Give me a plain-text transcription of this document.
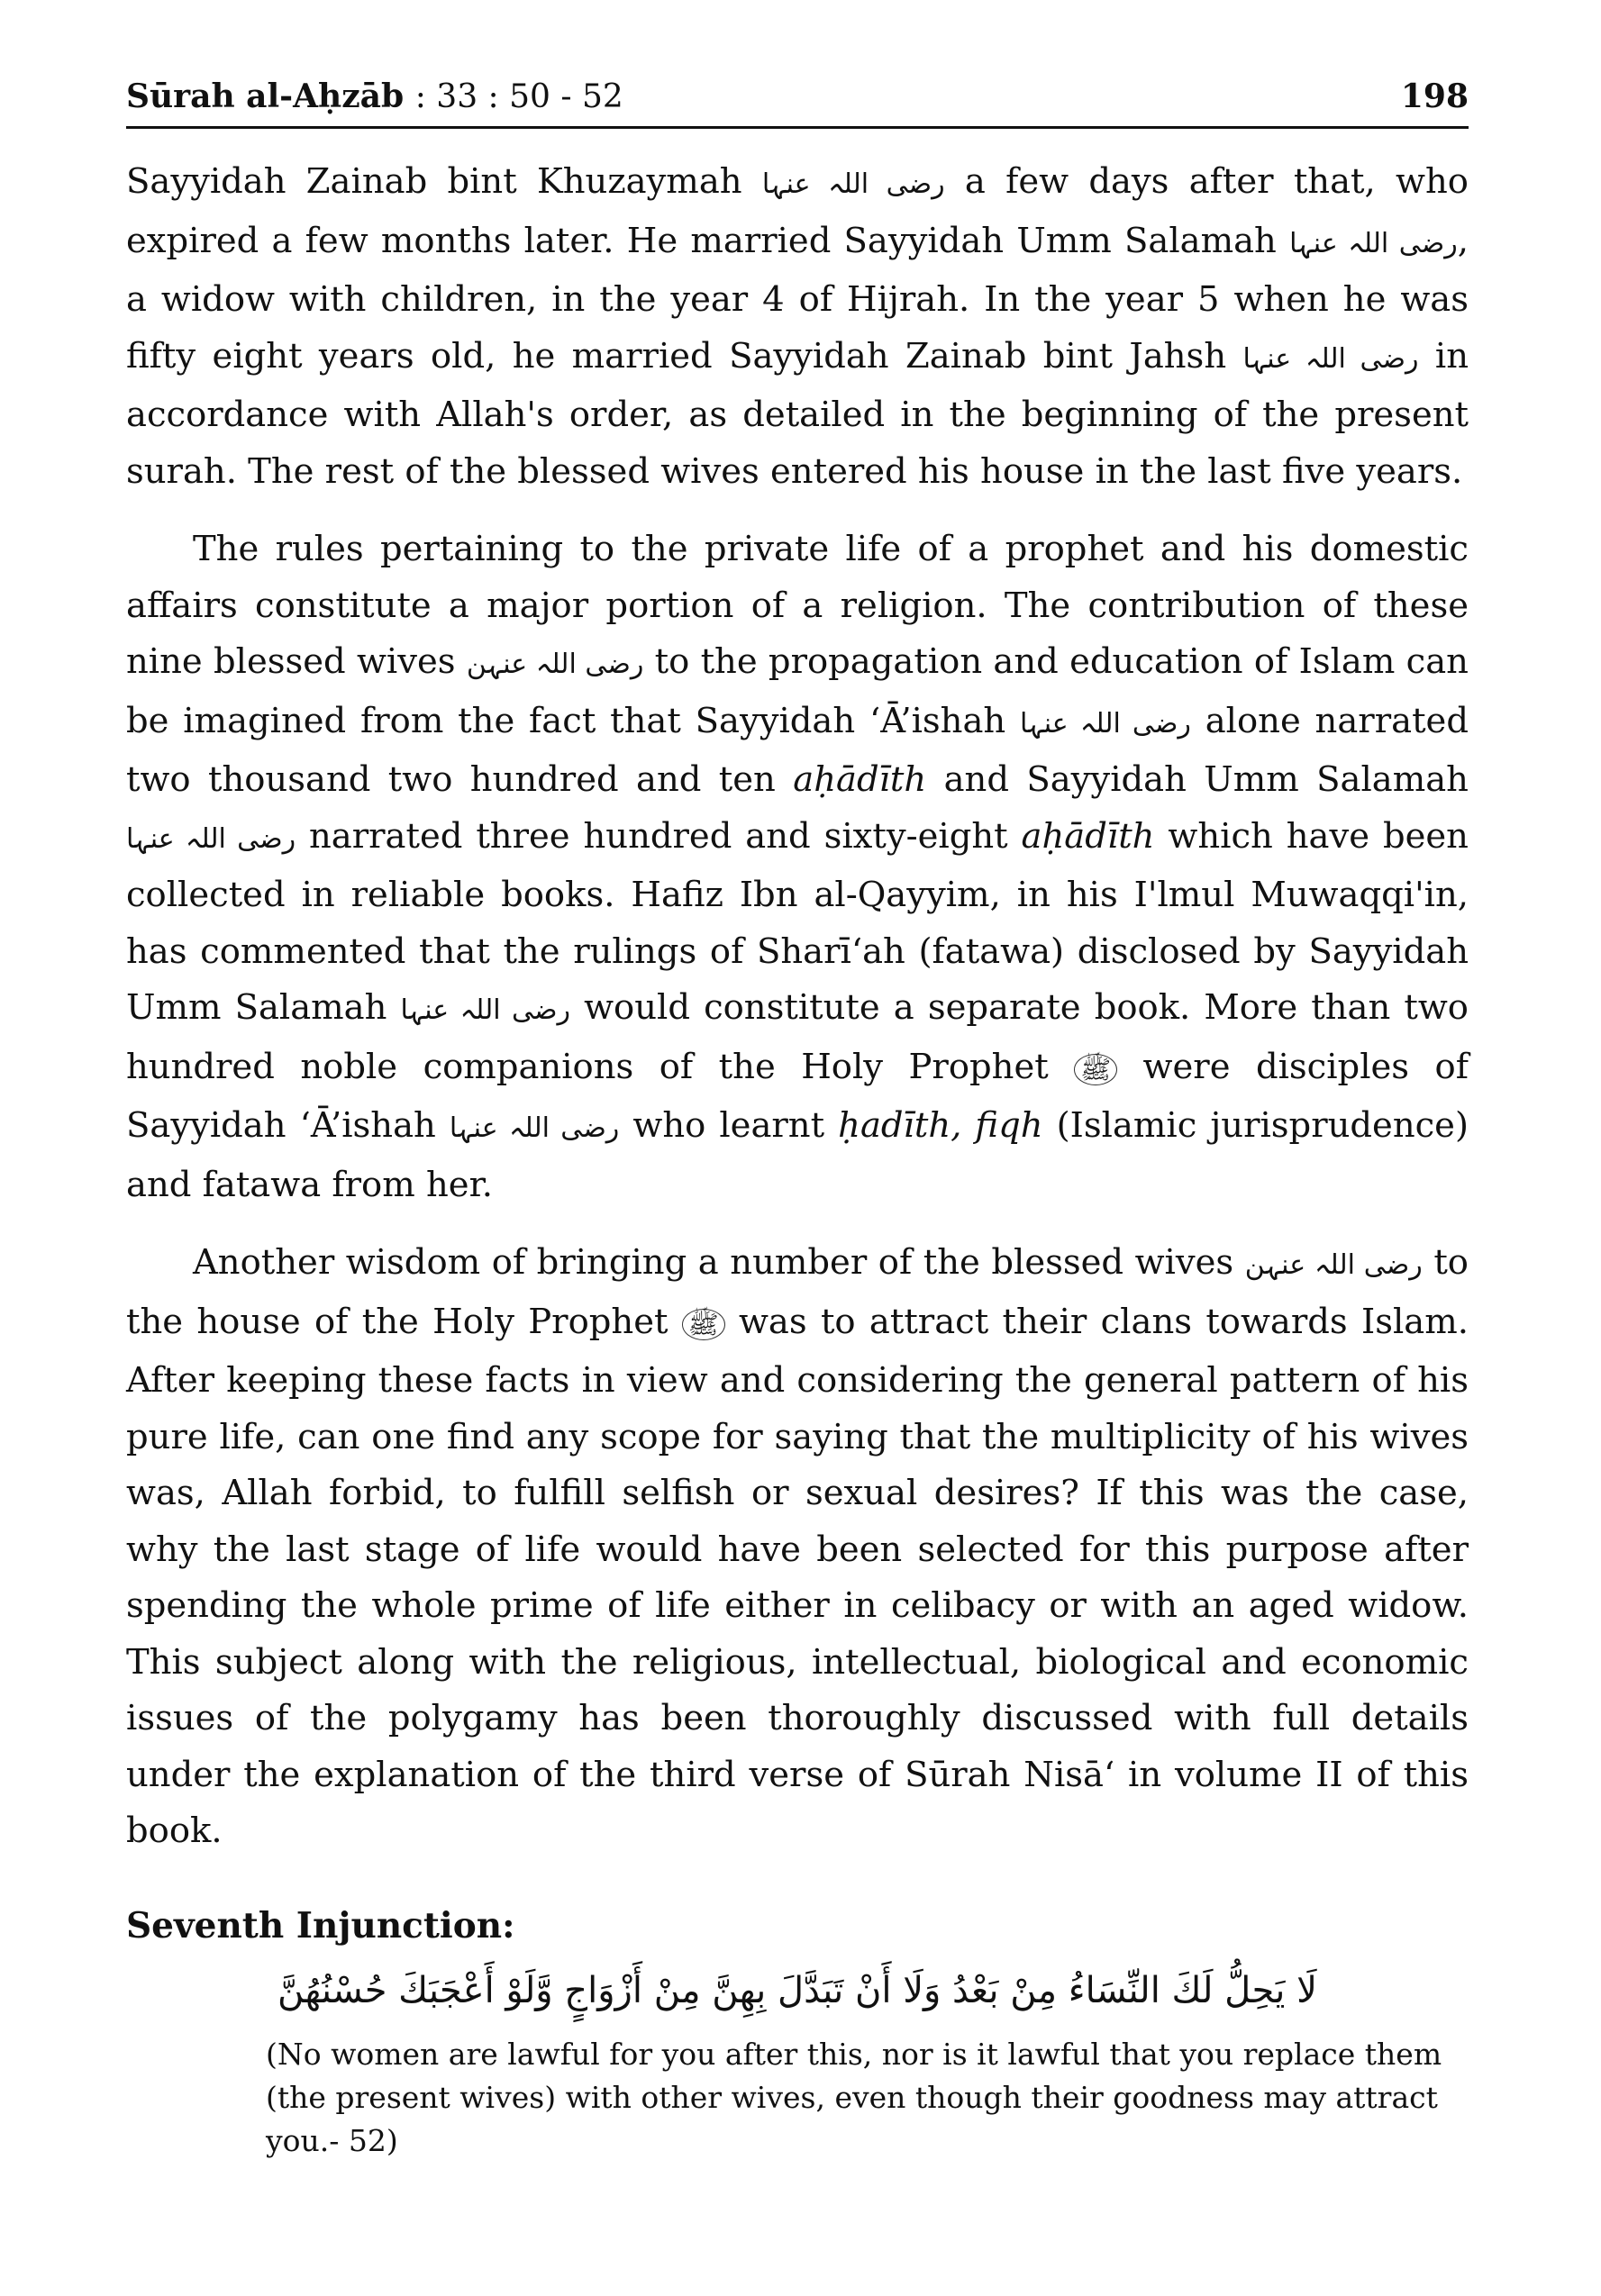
Sūrah al-Aḥzāb : 33 : 50 - 52	198

Sayyidah Zainab bint Khuzaymah رضی اللہ عنہا a few days after that, who expired a few months later. He married Sayyidah Umm Salamah رضی اللہ عنہا, a widow with children, in the year 4 of Hijrah. In the year 5 when he was fifty eight years old, he married Sayyidah Zainab bint Jahsh رضی اللہ عنہا in accordance with Allah's order, as detailed in the beginning of the present surah. The rest of the blessed wives entered his house in the last five years.

The rules pertaining to the private life of a prophet and his domestic affairs constitute a major portion of a religion. The contribution of these nine blessed wives رضی اللہ عنہن to the propagation and education of Islam can be imagined from the fact that Sayyidah ‘Ā’ishah رضی اللہ عنہا alone narrated two thousand two hundred and ten aḥādīth and Sayyidah Umm Salamah رضی اللہ عنہا narrated three hundred and sixty-eight aḥādīth which have been collected in reliable books. Hafiz Ibn al-Qayyim, in his I'lmul Muwaqqi'in, has commented that the rulings of Sharī‘ah (fatawa) disclosed by Sayyidah Umm Salamah رضی اللہ عنہا would constitute a separate book. More than two hundred noble companions of the Holy Prophet ﷺ were disciples of Sayyidah ‘Ā’ishah رضی اللہ عنہا who learnt ḥadīth, fiqh (Islamic jurisprudence) and fatawa from her.

Another wisdom of bringing a number of the blessed wives رضی اللہ عنہن to the house of the Holy Prophet ﷺ was to attract their clans towards Islam. After keeping these facts in view and considering the general pattern of his pure life, can one find any scope for saying that the multiplicity of his wives was, Allah forbid, to fulfill selfish or sexual desires? If this was the case, why the last stage of life would have been selected for this purpose after spending the whole prime of life either in celibacy or with an aged widow. This subject along with the religious, intellectual, biological and economic issues of the polygamy has been thoroughly discussed with full details under the explanation of the third verse of Sūrah Nisā‘ in volume II of this book.

Seventh Injunction:
لَا يَحِلُّ لَكَ النِّسَاءُ مِنْ بَعْدُ وَلَا أَنْ تَبَدَّلَ بِهِنَّ مِنْ أَزْوَاجٍ وَّلَوْ أَعْجَبَكَ حُسْنُهُنَّ
(No women are lawful for you after this, nor is it lawful that you replace them (the present wives) with other wives, even though their goodness may attract you.- 52)
